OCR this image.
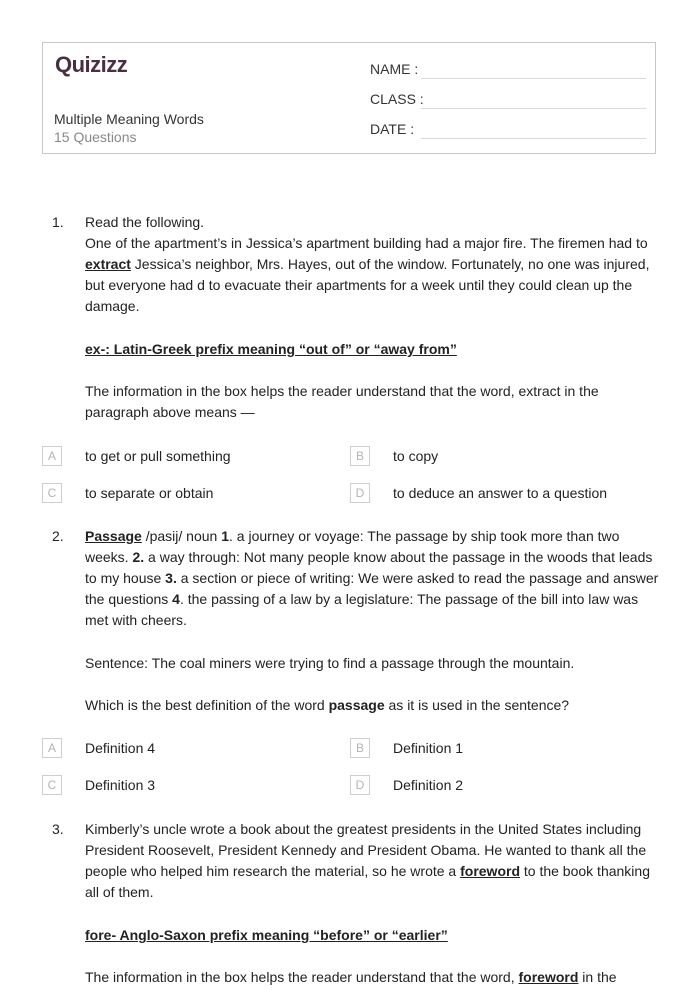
Quizizz
Multiple Meaning Words
15 Questions
NAME :
CLASS :
DATE :
1. Read the following.
One of the apartment’s in Jessica’s apartment building had a major fire. The firemen had to extract Jessica’s neighbor, Mrs. Hayes, out of the window. Fortunately, no one was injured, but everyone had d to evacuate their apartments for a week until they could clean up the damage.
ex-: Latin-Greek prefix meaning “out of” or “away from”
The information in the box helps the reader understand that the word, extract in the paragraph above means —
A	to get or pull something	B	to copy
C	to separate or obtain	D	to deduce an answer to a question
2. Passage /pasij/ noun 1. a journey or voyage: The passage by ship took more than two weeks. 2. a way through: Not many people know about the passage in the woods that leads to my house 3. a section or piece of writing: We were asked to read the passage and answer the questions 4. the passing of a law by a legislature: The passage of the bill into law was met with cheers.
Sentence: The coal miners were trying to find a passage through the mountain.
Which is the best definition of the word passage as it is used in the sentence?
A	Definition 4	B	Definition 1
C	Definition 3	D	Definition 2
3. Kimberly’s uncle wrote a book about the greatest presidents in the United States including President Roosevelt, President Kennedy and President Obama. He wanted to thank all the people who helped him research the material, so he wrote a foreword to the book thanking all of them.
fore- Anglo-Saxon prefix meaning “before” or “earlier”
The information in the box helps the reader understand that the word, foreword in the
